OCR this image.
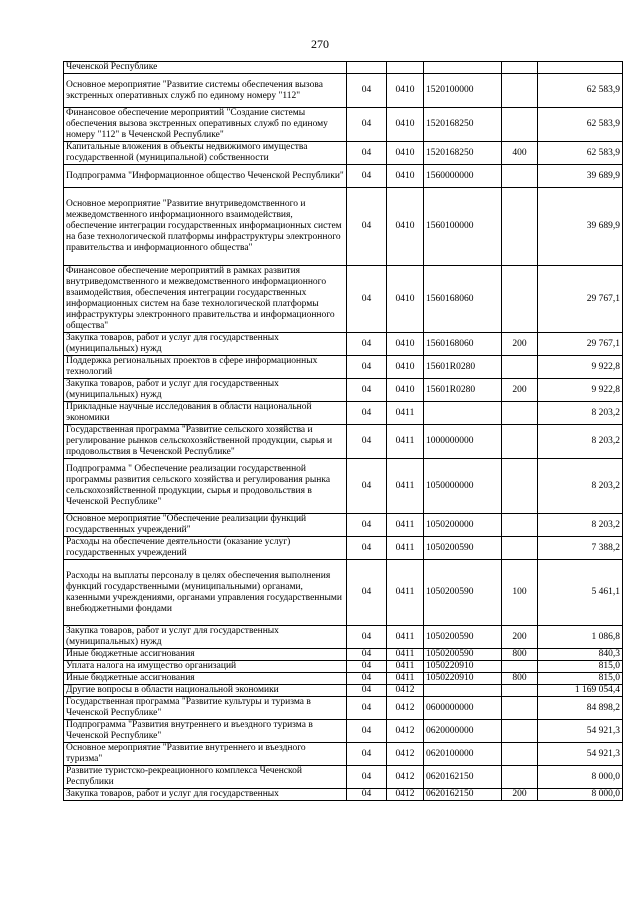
270
Чеченской Республике					
Основное мероприятие "Развитие системы обеспечения вызова экстренных оперативных служб по единому номеру "112"	04	0410	1520100000		62 583,9
Финансовое обеспечение мероприятий "Создание системы обеспечения вызова экстренных оперативных служб по единому номеру "112" в Чеченской Республике"	04	0410	1520168250		62 583,9
Капитальные вложения в объекты недвижимого имущества государственной (муниципальной) собственности	04	0410	1520168250	400	62 583,9
Подпрограмма "Информационное общество Чеченской Республики"	04	0410	1560000000		39 689,9
Основное мероприятие "Развитие внутриведомственного и межведомственного информационного взаимодействия, обеспечение интеграции государственных информационных систем на базе технологической платформы инфраструктуры электронного правительства и информационного общества"	04	0410	1560100000		39 689,9
Финансовое обеспечение мероприятий в рамках развития внутриведомственного и межведомственного информационного взаимодействия, обеспечения интеграции государственных информационных систем на базе технологической платформы инфраструктуры электронного правительства и информационного общества"	04	0410	1560168060		29 767,1
Закупка товаров, работ и услуг для государственных (муниципальных) нужд	04	0410	1560168060	200	29 767,1
Поддержка региональных проектов в сфере информационных технологий	04	0410	15601R0280		9 922,8
Закупка товаров, работ и услуг для государственных (муниципальных) нужд	04	0410	15601R0280	200	9 922,8
Прикладные научные исследования в области национальной экономики	04	0411			8 203,2
Государственная программа "Развитие сельского хозяйства и регулирование рынков сельскохозяйственной продукции, сырья и продовольствия в Чеченской Республике"	04	0411	1000000000		8 203,2
Подпрограмма " Обеспечение реализации государственной программы развития сельского хозяйства и регулирования рынка сельскохозяйственной продукции, сырья и продовольствия в Чеченской Республике"	04	0411	1050000000		8 203,2
Основное мероприятие "Обеспечение реализации функций государственных учреждений"	04	0411	1050200000		8 203,2
Расходы на обеспечение деятельности (оказание услуг) государственных учреждений	04	0411	1050200590		7 388,2
Расходы на выплаты персоналу в целях обеспечения выполнения функций государственными (муниципальными) органами, казенными учреждениями, органами управления государственными внебюджетными фондами	04	0411	1050200590	100	5 461,1
Закупка товаров, работ и услуг для государственных (муниципальных) нужд	04	0411	1050200590	200	1 086,8
Иные бюджетные ассигнования	04	0411	1050200590	800	840,3
Уплата налога на имущество организаций	04	0411	1050220910		815,0
Иные бюджетные ассигнования	04	0411	1050220910	800	815,0
Другие вопросы в области национальной экономики	04	0412			1 169 054,4
Государственная программа "Развитие культуры и туризма в Чеченской Республике"	04	0412	0600000000		84 898,2
Подпрограмма "Развития внутреннего и въездного туризма в Чеченской Республике"	04	0412	0620000000		54 921,3
Основное мероприятие "Развитие внутреннего и въездного туризма"	04	0412	0620100000		54 921,3
Развитие туристско-рекреационного комплекса Чеченской Республики	04	0412	0620162150		8 000,0
Закупка товаров, работ и услуг для государственных	04	0412	0620162150	200	8 000,0
